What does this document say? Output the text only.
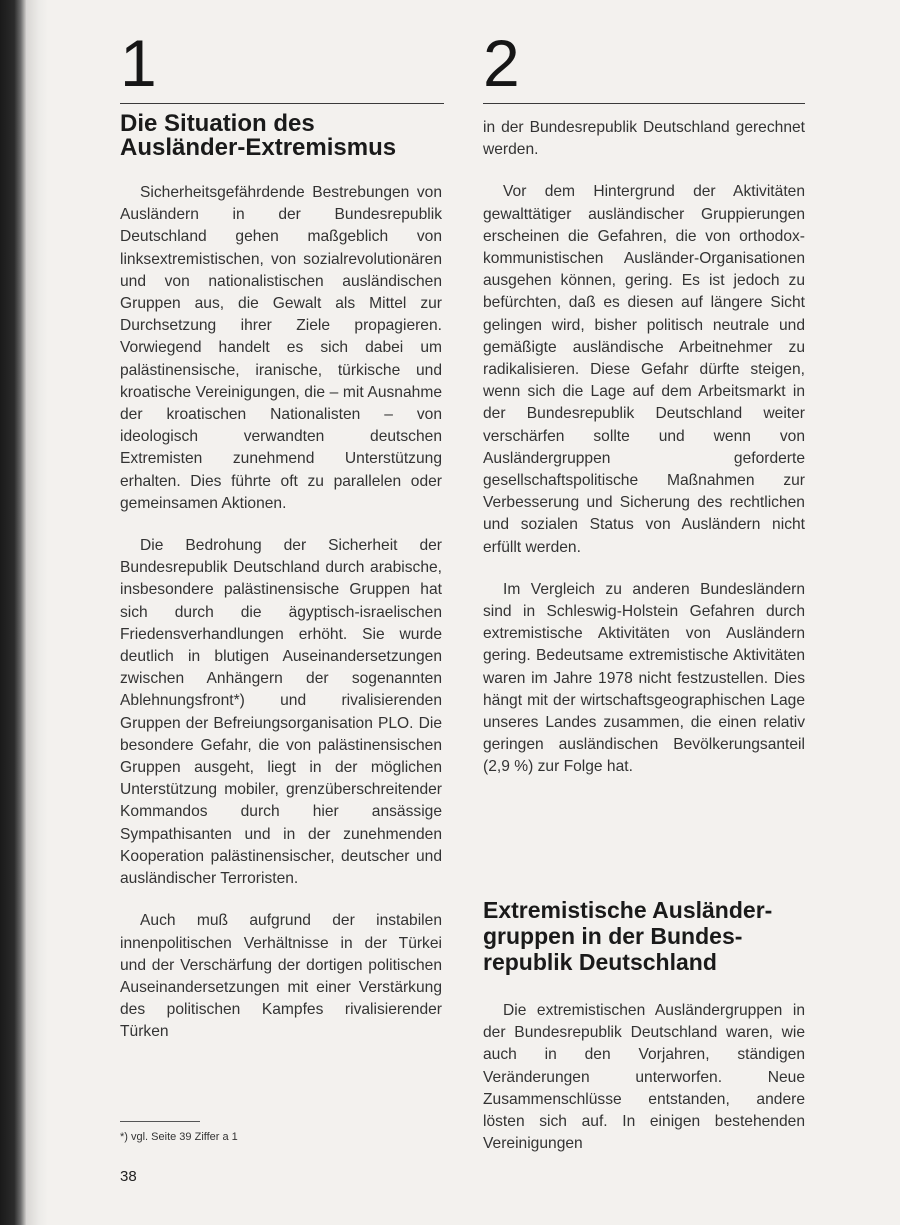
1	2
Die Situation des
Ausländer-Extremismus

Sicherheitsgefährdende Bestrebungen von Ausländern in der Bundesrepublik Deutschland gehen maßgeblich von linksextremistischen, von sozialrevolutionären und von nationalistischen ausländischen Gruppen aus, die Gewalt als Mittel zur Durchsetzung ihrer Ziele propagieren. Vorwiegend handelt es sich dabei um palästinensische, iranische, türkische und kroatische Vereinigungen, die – mit Ausnahme der kroatischen Nationalisten – von ideologisch verwandten deutschen Extremisten zunehmend Unterstützung erhalten. Dies führte oft zu parallelen oder gemeinsamen Aktionen.

Die Bedrohung der Sicherheit der Bundesrepublik Deutschland durch arabische, insbesondere palästinensische Gruppen hat sich durch die ägyptisch-israelischen Friedensverhandlungen erhöht. Sie wurde deutlich in blutigen Auseinandersetzungen zwischen Anhängern der sogenannten Ablehnungsfront*) und rivalisierenden Gruppen der Befreiungsorganisation PLO. Die besondere Gefahr, die von palästinensischen Gruppen ausgeht, liegt in der möglichen Unterstützung mobiler, grenzüberschreitender Kommandos durch hier ansässige Sympathisanten und in der zunehmenden Kooperation palästinensischer, deutscher und ausländischer Terroristen.

Auch muß aufgrund der instabilen innenpolitischen Verhältnisse in der Türkei und der Verschärfung der dortigen politischen Auseinandersetzungen mit einer Verstärkung des politischen Kampfes rivalisierender Türken

*) vgl. Seite 39 Ziffer a 1
38

in der Bundesrepublik Deutschland gerechnet werden.

Vor dem Hintergrund der Aktivitäten gewalttätiger ausländischer Gruppierungen erscheinen die Gefahren, die von orthodox-kommunistischen Ausländer-Organisationen ausgehen können, gering. Es ist jedoch zu befürchten, daß es diesen auf längere Sicht gelingen wird, bisher politisch neutrale und gemäßigte ausländische Arbeitnehmer zu radikalisieren. Diese Gefahr dürfte steigen, wenn sich die Lage auf dem Arbeitsmarkt in der Bundesrepublik Deutschland weiter verschärfen sollte und wenn von Ausländergruppen geforderte gesellschaftspolitische Maßnahmen zur Verbesserung und Sicherung des rechtlichen und sozialen Status von Ausländern nicht erfüllt werden.

Im Vergleich zu anderen Bundesländern sind in Schleswig-Holstein Gefahren durch extremistische Aktivitäten von Ausländern gering. Bedeutsame extremistische Aktivitäten waren im Jahre 1978 nicht festzustellen. Dies hängt mit der wirtschaftsgeographischen Lage unseres Landes zusammen, die einen relativ geringen ausländischen Bevölkerungsanteil (2,9 %) zur Folge hat.

Extremistische Ausländer-
gruppen in der Bundes-
republik Deutschland

Die extremistischen Ausländergruppen in der Bundesrepublik Deutschland waren, wie auch in den Vorjahren, ständigen Veränderungen unterworfen. Neue Zusammenschlüsse entstanden, andere lösten sich auf. In einigen bestehenden Vereinigungen
